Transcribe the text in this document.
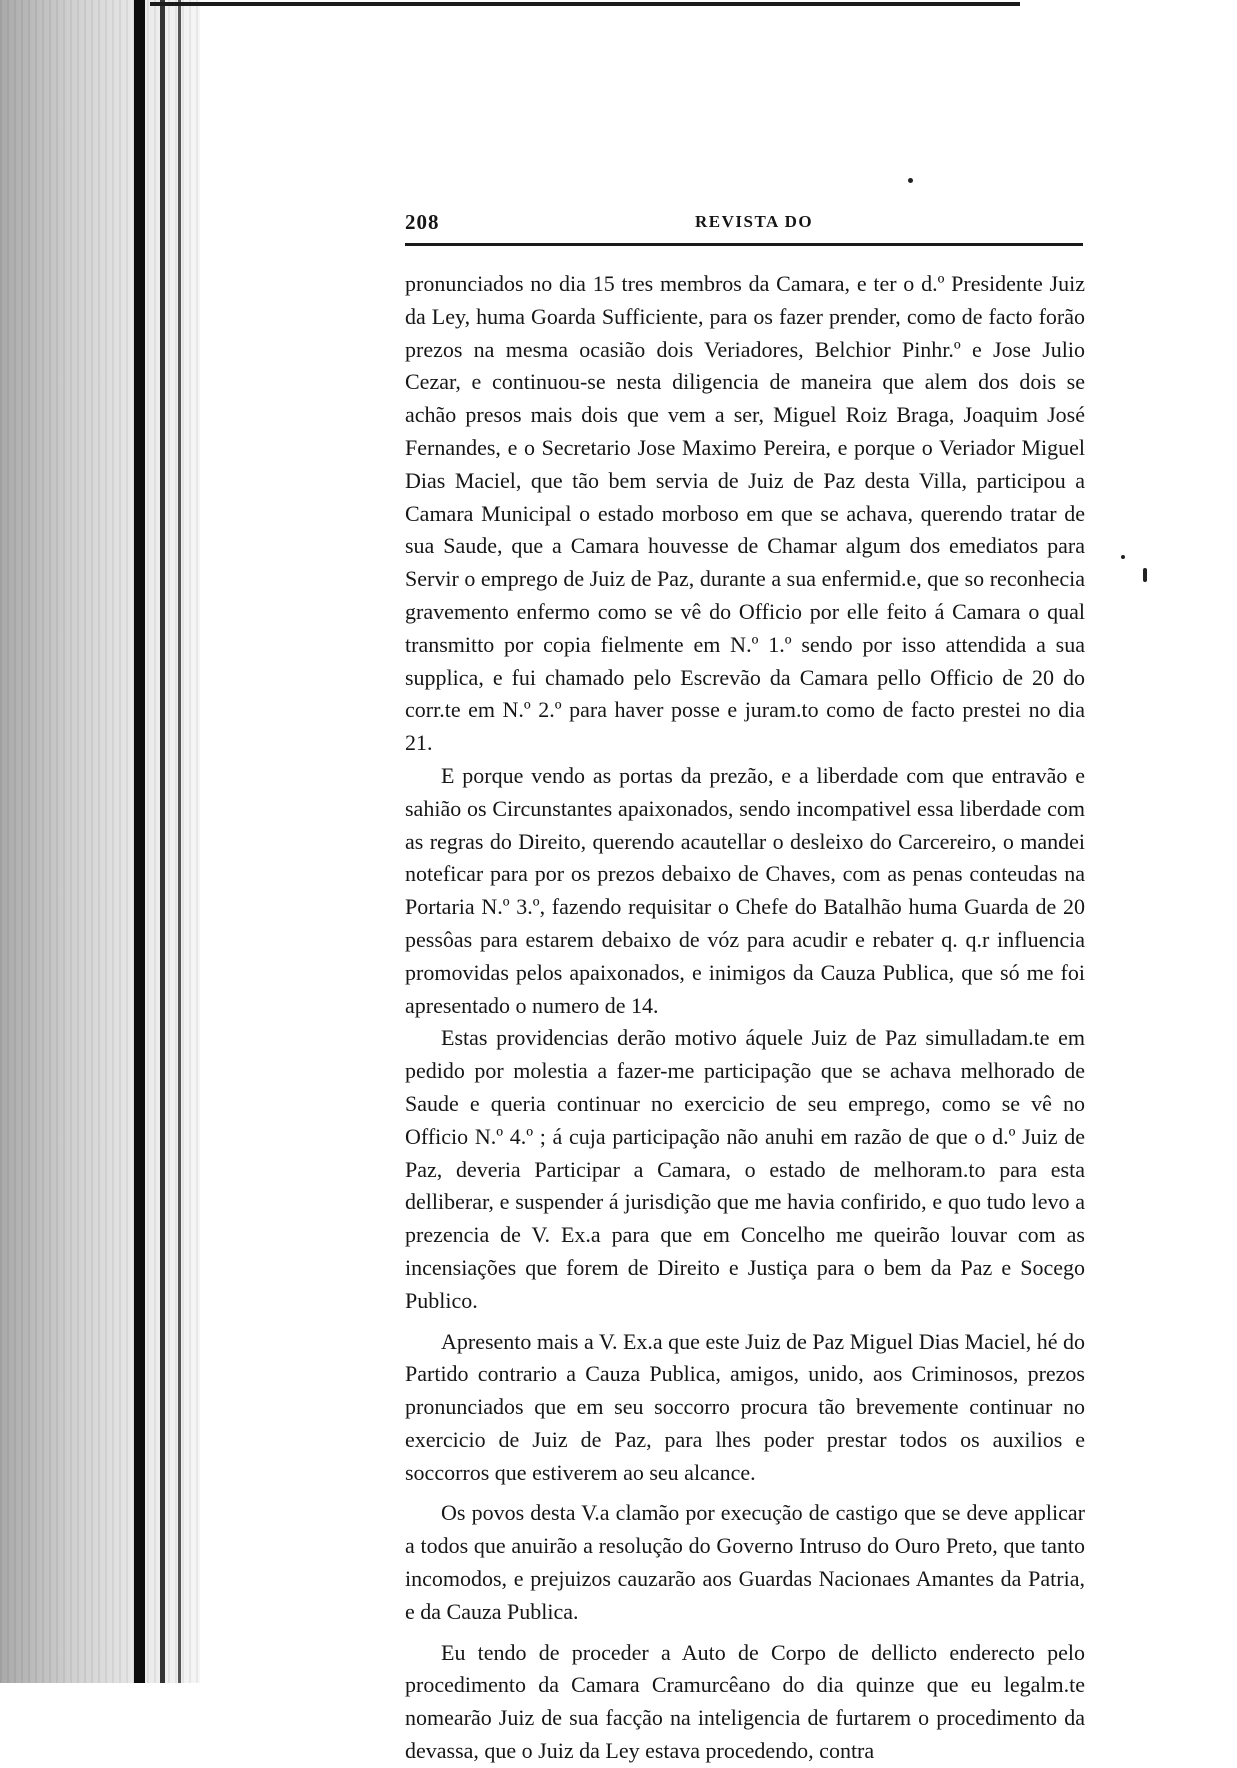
208	REVISTA DO

pronunciados no dia 15 tres membros da Camara, e ter o d.º Presidente Juiz da Ley, huma Goarda Sufficiente, para os fazer prender, como de facto forão prezos na mesma ocasião dois Veriadores, Belchior Pinhr.º e Jose Julio Cezar, e continuou-se nesta diligencia de maneira que alem dos dois se achão presos mais dois que vem a ser, Miguel Roiz Braga, Joaquim José Fernandes, e o Secretario Jose Maximo Pereira, e porque o Veriador Miguel Dias Maciel, que tão bem servia de Juiz de Paz desta Villa, participou a Camara Municipal o estado morboso em que se achava, querendo tratar de sua Saude, que a Camara houvesse de Chamar algum dos emediatos para Servir o emprego de Juiz de Paz, durante a sua enfermid.e, que so reconhecia gravemento enfermo como se vê do Officio por elle feito á Camara o qual transmitto por copia fielmente em N.º 1.º sendo por isso attendida a sua supplica, e fui chamado pelo Escrevão da Camara pello Officio de 20 do corr.te em N.º 2.º para haver posse e juram.to como de facto prestei no dia 21.

E porque vendo as portas da prezão, e a liberdade com que entravão e sahião os Circunstantes apaixonados, sendo incompativel essa liberdade com as regras do Direito, querendo acautellar o desleixo do Carcereiro, o mandei noteficar para por os prezos debaixo de Chaves, com as penas conteudas na Portaria N.º 3.º, fazendo requisitar o Chefe do Batalhão huma Guarda de 20 pessôas para estarem debaixo de vóz para acudir e rebater q. q.r influencia promovidas pelos apaixonados, e inimigos da Cauza Publica, que só me foi apresentado o numero de 14.

Estas providencias derão motivo áquele Juiz de Paz simulladam.te em pedido por molestia a fazer-me participação que se achava melhorado de Saude e queria continuar no exercicio de seu emprego, como se vê no Officio N.º 4.º ; á cuja participação não anuhi em razão de que o d.º Juiz de Paz, deveria Participar a Camara, o estado de melhoram.to para esta delliberar, e suspender á jurisdição que me havia confirido, e quo tudo levo a prezencia de V. Ex.a para que em Concelho me queirão louvar com as incensiações que forem de Direito e Justiça para o bem da Paz e Socego Publico.

Apresento mais a V. Ex.a que este Juiz de Paz Miguel Dias Maciel, hé do Partido contrario a Cauza Publica, amigos, unido, aos Criminosos, prezos pronunciados que em seu soccorro procura tão brevemente continuar no exercicio de Juiz de Paz, para lhes poder prestar todos os auxilios e soccorros que estiverem ao seu alcance.

Os povos desta V.a clamão por execução de castigo que se deve applicar a todos que anuirão a resolução do Governo Intruso do Ouro Preto, que tanto incomodos, e prejuizos cauzarão aos Guardas Nacionaes Amantes da Patria, e da Cauza Publica.

Eu tendo de proceder a Auto de Corpo de dellicto enderecto pelo procedimento da Camara Cramurcêano do dia quinze que eu legalm.te nomearão Juiz de sua facção na inteligencia de furtarem o procedimento da devassa, que o Juiz da Ley estava procedendo, contra
